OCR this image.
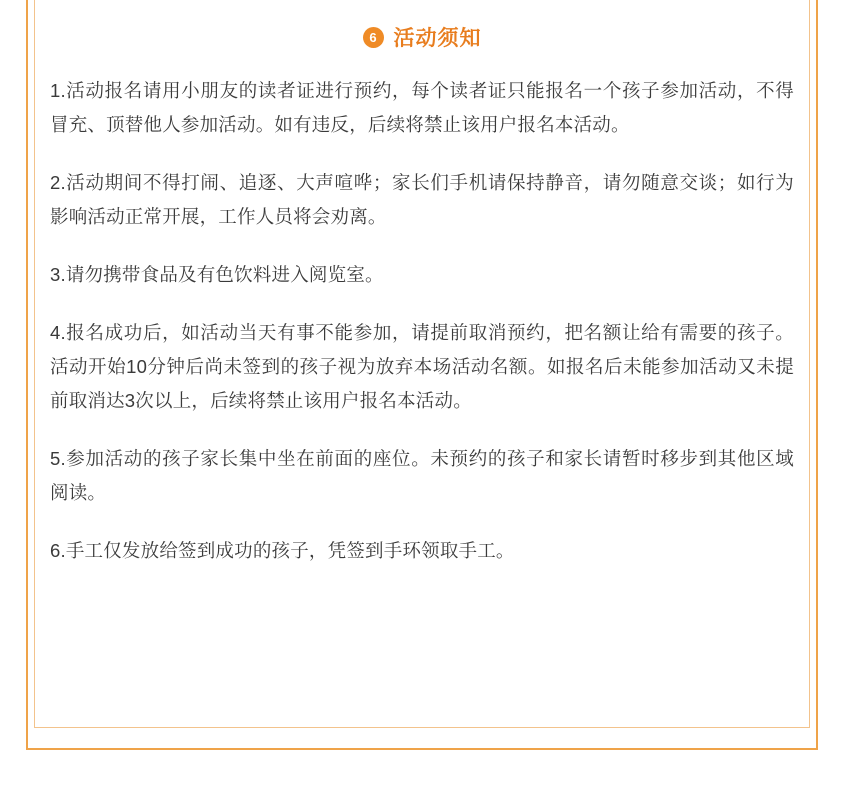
6 活动须知

1.活动报名请用小朋友的读者证进行预约，每个读者证只能报名一个孩子参加活动，不得冒充、顶替他人参加活动。如有违反，后续将禁止该用户报名本活动。

2.活动期间不得打闹、追逐、大声喧哗；家长们手机请保持静音，请勿随意交谈；如行为影响活动正常开展，工作人员将会劝离。

3.请勿携带食品及有色饮料进入阅览室。

4.报名成功后，如活动当天有事不能参加，请提前取消预约，把名额让给有需要的孩子。活动开始10分钟后尚未签到的孩子视为放弃本场活动名额。如报名后未能参加活动又未提前取消达3次以上，后续将禁止该用户报名本活动。

5.参加活动的孩子家长集中坐在前面的座位。未预约的孩子和家长请暂时移步到其他区域阅读。

6.手工仅发放给签到成功的孩子，凭签到手环领取手工。
